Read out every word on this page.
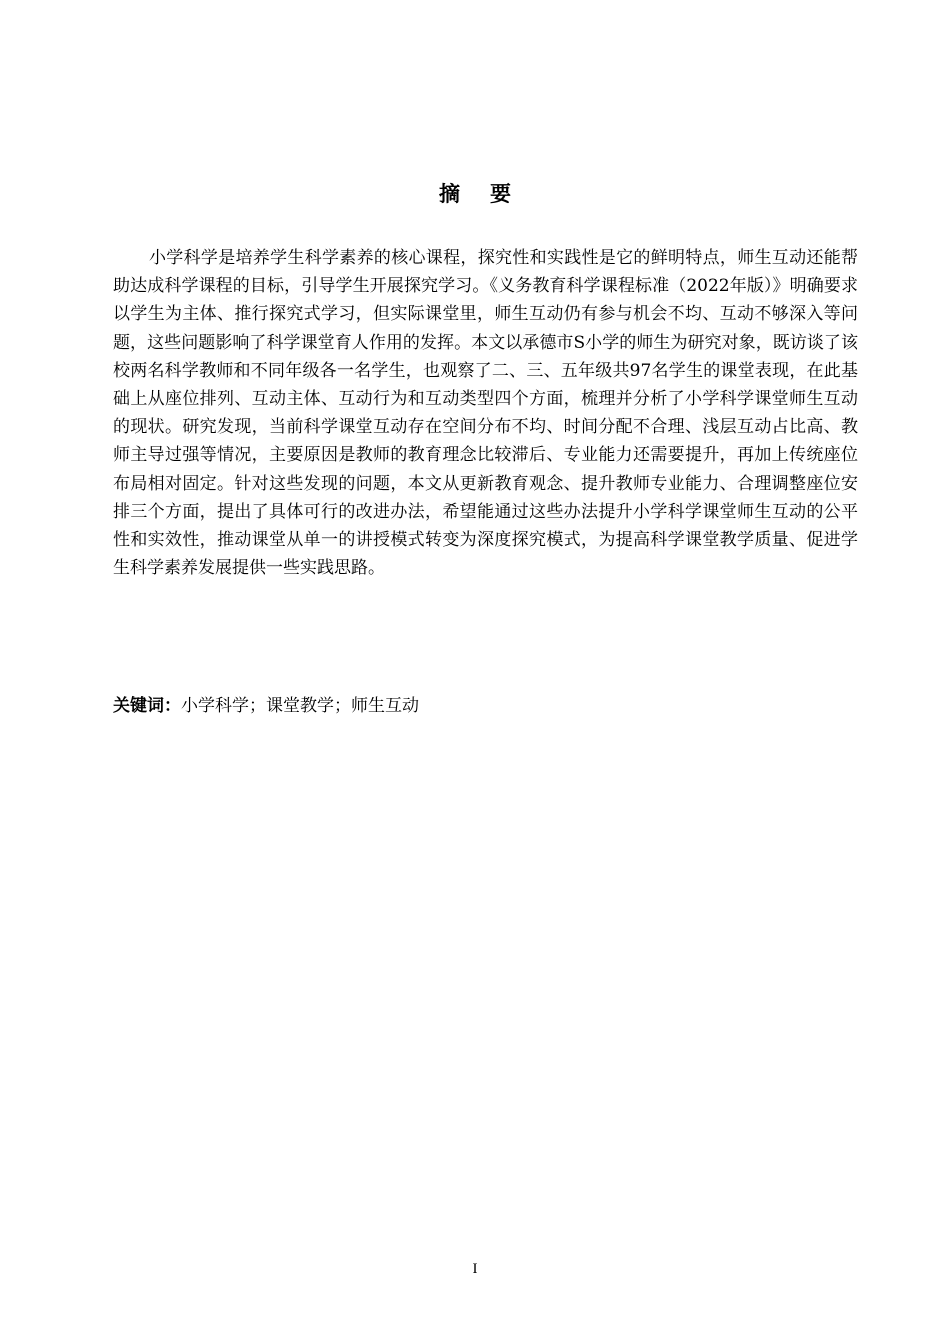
摘要

小学科学是培养学生科学素养的核心课程，探究性和实践性是它的鲜明特点，师生互动还能帮助达成科学课程的目标，引导学生开展探究学习。《义务教育科学课程标准（2022年版）》明确要求以学生为主体、推行探究式学习，但实际课堂里，师生互动仍有参与机会不均、互动不够深入等问题，这些问题影响了科学课堂育人作用的发挥。本文以承德市S小学的师生为研究对象，既访谈了该校两名科学教师和不同年级各一名学生，也观察了二、三、五年级共97名学生的课堂表现，在此基础上从座位排列、互动主体、互动行为和互动类型四个方面，梳理并分析了小学科学课堂师生互动的现状。研究发现，当前科学课堂互动存在空间分布不均、时间分配不合理、浅层互动占比高、教师主导过强等情况，主要原因是教师的教育理念比较滞后、专业能力还需要提升，再加上传统座位布局相对固定。针对这些发现的问题，本文从更新教育观念、提升教师专业能力、合理调整座位安排三个方面，提出了具体可行的改进办法，希望能通过这些办法提升小学科学课堂师生互动的公平性和实效性，推动课堂从单一的讲授模式转变为深度探究模式，为提高科学课堂教学质量、促进学生科学素养发展提供一些实践思路。

关键词：小学科学；课堂教学；师生互动

I
